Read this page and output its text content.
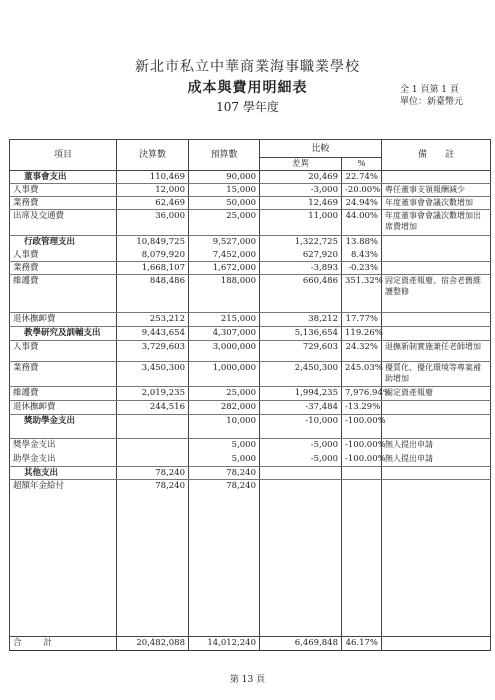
新北市私立中華商業海事職業學校
成本與費用明細表
107 學年度
全 1 頁第 1 頁
單位：新臺幣元
項目	決算數	預算數	比較		備　　註
			差異	%	
董事會支出	110,469	90,000	20,469	22.74%	
人事費	12,000	15,000	-3,000	-20.00%	專任董事支領報酬減少
業務費	62,469	50,000	12,469	24.94%	年度董事會會議次數增加
出席及交通費	36,000	25,000	11,000	44.00%	年度董事會會議次數增加出席費增加
行政管理支出	10,849,725	9,527,000	1,322,725	13.88%	
人事費	8,079,920	7,452,000	627,920	8.43%	
業務費	1,668,107	1,672,000	-3,893	-0.23%	
維護費	848,486	188,000	660,486	351.32%	固定資產報廢、宿舍老舊維護整修
退休撫卹費	253,212	215,000	38,212	17.77%	
教學研究及訓輔支出	9,443,654	4,307,000	5,136,654	119.26%	
人事費	3,729,603	3,000,000	729,603	24.32%	退撫新制實施兼任老師增加
業務費	3,450,300	1,000,000	2,450,300	245.03%	優質化、優化環境等專案補助增加
維護費	2,019,235	25,000	1,994,235	7,976.94%	固定資產報廢
退休撫卹費	244,516	282,000	-37,484	-13.29%	
獎助學金支出		10,000	-10,000	-100.00%	
獎學金支出		5,000	-5,000	-100.00%	無人提出申請
助學金支出		5,000	-5,000	-100.00%	無人提出申請
其他支出	78,240	78,240			
超額年金給付	78,240	78,240			

合計	20,482,088	14,012,240	6,469,848	46.17%	
第 13 頁
